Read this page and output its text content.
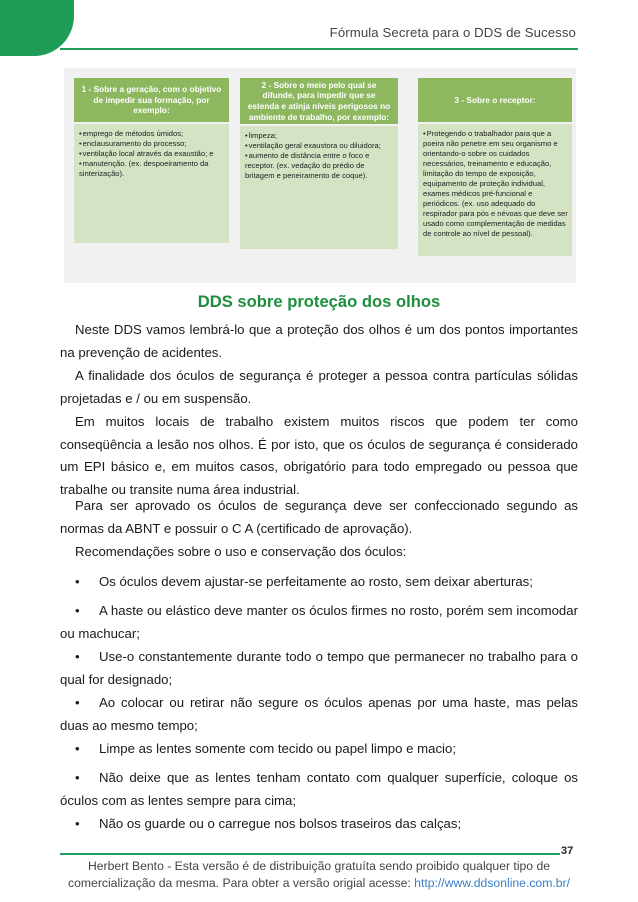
Fórmula Secreta para o DDS de Sucesso
1 - Sobre a geração, com o objetivo de impedir sua formação, por exemplo:
• emprego de métodos úmidos;
• enclausuramento do processo;
• ventilação local através da exaustão; e
• manutenção. (ex. despoeiramento da sinterização).
2 - Sobre o meio pelo qual se difunde, para impedir que se estenda e atinja níveis perigosos no ambiente de trabalho, por exemplo:
• limpeza;
• ventilação geral exaustora ou diluidora;
• aumento de distância entre o foco e receptor. (ex. vedação do prédio de britagem e peneiramento de coque).
3 - Sobre o receptor:
• Protegendo o trabalhador para que a poeira não penetre em seu organismo e orientando-o sobre os cuidados necessários, treinamento e educação, limitação do tempo de exposição, equipamento de proteção individual, exames médicos pré-funcional e periódicos. (ex. uso adequado do respirador para pós e névoas que deve ser usado como complementação de medidas de controle ao nível de pessoal).
DDS sobre proteção dos olhos
Neste DDS vamos lembrá-lo que a proteção dos olhos é um dos pontos importantes na prevenção de acidentes.
A finalidade dos óculos de segurança é proteger a pessoa contra partículas sólidas projetadas e / ou em suspensão.
Em muitos locais de trabalho existem muitos riscos que podem ter como conseqüência a lesão nos olhos. É por isto, que os óculos de segurança é considerado um EPI básico e, em muitos casos, obrigatório para todo empregado ou pessoa que trabalhe ou transite numa área industrial.
Para ser aprovado os óculos de segurança deve ser confeccionado segundo as normas da ABNT e possuir o C A (certificado de aprovação).
Recomendações sobre o uso e conservação dos óculos:
• Os óculos devem ajustar-se perfeitamente ao rosto, sem deixar aberturas;
• A haste ou elástico deve manter os óculos firmes no rosto, porém sem incomodar ou machucar;
• Use-o constantemente durante todo o tempo que permanecer no trabalho para o qual for designado;
• Ao colocar ou retirar não segure os óculos apenas por uma haste, mas pelas duas ao mesmo tempo;
• Limpe as lentes somente com tecido ou papel limpo e macio;
• Não deixe que as lentes tenham contato com qualquer superfície, coloque os óculos com as lentes sempre para cima;
• Não os guarde ou o carregue nos bolsos traseiros das calças;
37
Herbert Bento - Esta versão é de distribuição gratuíta sendo proibido qualquer tipo de
comercialização da mesma. Para obter a versão origial acesse: http://www.ddsonline.com.br/
